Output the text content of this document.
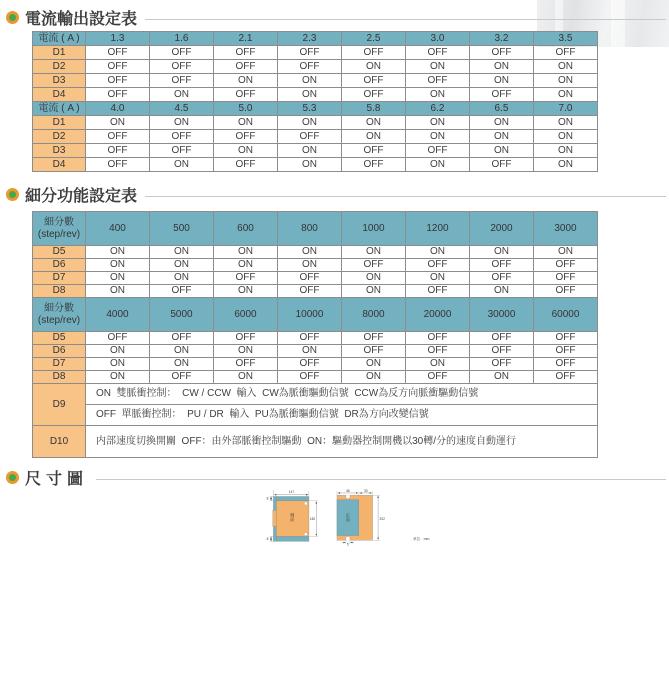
電流輸出設定表
電流 ( A )	1.3	1.6	2.1	2.3	2.5	3.0	3.2	3.5
D1	OFF	OFF	OFF	OFF	OFF	OFF	OFF	OFF
D2	OFF	OFF	OFF	OFF	ON	ON	ON	ON
D3	OFF	OFF	ON	ON	OFF	OFF	ON	ON
D4	OFF	ON	OFF	ON	OFF	ON	OFF	ON
電流 ( A )	4.0	4.5	5.0	5.3	5.8	6.2	6.5	7.0
D1	ON	ON	ON	ON	ON	ON	ON	ON
D2	OFF	OFF	OFF	OFF	ON	ON	ON	ON
D3	OFF	OFF	ON	ON	OFF	OFF	ON	ON
D4	OFF	ON	OFF	ON	OFF	ON	OFF	ON
細分功能設定表
細分數
(step/rev)	400	500	600	800	1000	1200	2000	3000
D5	ON	ON	ON	ON	ON	ON	ON	ON
D6	ON	ON	ON	ON	OFF	OFF	OFF	OFF
D7	ON	ON	OFF	OFF	ON	ON	OFF	OFF
D8	ON	OFF	ON	OFF	ON	OFF	ON	OFF

細分數
(step/rev)	4000	5000	6000	10000	8000	20000	30000	60000
D5	OFF	OFF	OFF	OFF	OFF	OFF	OFF	OFF
D6	ON	ON	ON	ON	OFF	OFF	OFF	OFF
D7	ON	ON	OFF	OFF	ON	ON	OFF	OFF
D8	ON	OFF	ON	OFF	ON	OFF	ON	OFF
D9	ON  雙脈衝控制：  CW / CCW  輸入  CW為脈衝驅動信號  CCW為反方向脈衝驅動信號							
	OFF  單脈衝控制：  PU / DR  輸入  PU為脈衝驅動信號  DR為方向改變信號							
D10	内部速度切換開關  OFF：由外部脈衝控制驅動  ON：驅動器控制開機以30轉/分的速度自動運行							
尺寸圖
側
面
147
8
8
182
正
面
48 30
202
5
单位：mm
